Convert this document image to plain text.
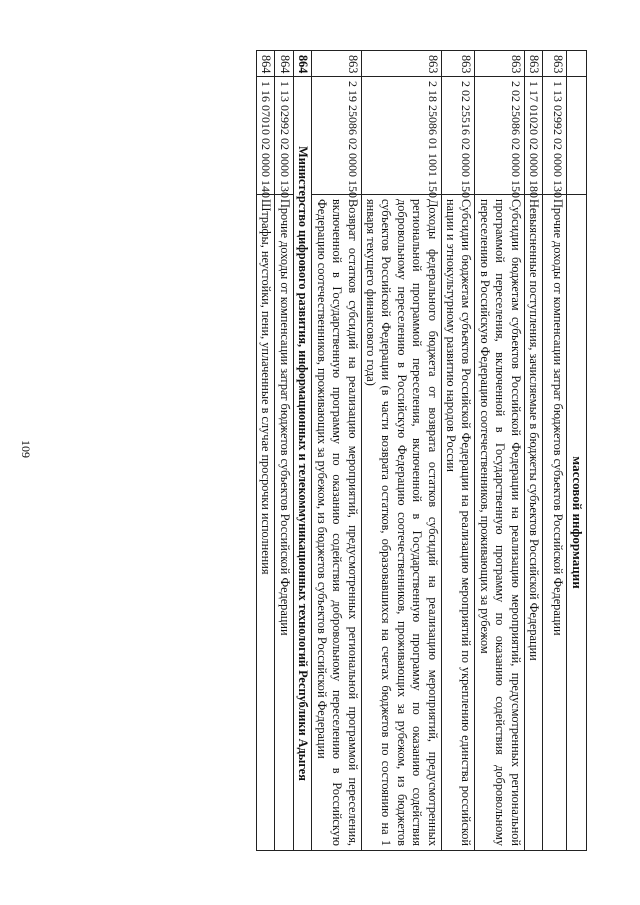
109
		массовой информации
863	1 13 02992 02 0000 130	Прочие доходы от компенсации затрат бюджетов субъектов Российской Федерации
863	1 17 01020 02 0000 180	Невыясненные поступления, зачисляемые в бюджеты субъектов Российской Федерации
863	2 02 25086 02 0000 150	Субсидии бюджетам субъектов Российской Федерации на реализацию мероприятий, предусмотренных региональной программой переселения, включенной в Государственную программу по оказанию содействия добровольному переселению в Российскую Федерацию соотечественников, проживающих за рубежом
863	2 02 25516 02 0000 150	Субсидии бюджетам субъектов Российской Федерации на реализацию мероприятий по укреплению единства российской нации и этнокультурному развитию народов России
863	2 18 25086 01 1001 150	Доходы федерального бюджета от возврата остатков субсидий на реализацию мероприятий, предусмотренных региональной программой переселения, включенной в Государственную программу по оказанию содействия добровольному переселению в Российскую Федерацию соотечественников, проживающих за рубежом, из бюджетов субъектов Российской Федерации (в части возврата остатков, образовавшихся на счетах бюджетов по состоянию на 1 января текущего финансового года)
863	2 19 25086 02 0000 150	Возврат остатков субсидий на реализацию мероприятий, предусмотренных региональной программой переселения, включенной в Государственную программу по оказанию содействия добровольному переселению в Российскую Федерацию соотечественников, проживающих за рубежом, из бюджетов субъектов Российской Федерации
864	Министерство цифрового развития, информационных и телекоммуникационных технологий Республики Адыгея	
864	1 13 02992 02 0000 130	Прочие доходы от компенсации затрат бюджетов субъектов Российской Федерации
864	1 16 07010 02 0000 140	Штрафы, неустойки, пени, уплаченные в случае просрочки исполнения
